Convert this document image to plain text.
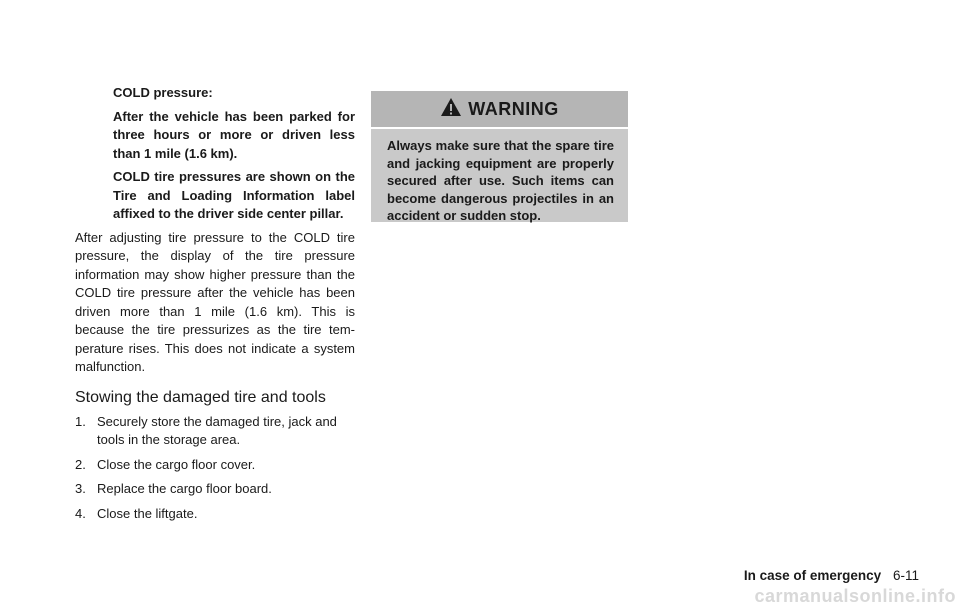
COLD pressure:

After the vehicle has been parked for three hours or more or driven less than 1 mile (1.6 km).

COLD tire pressures are shown on the Tire and Loading Information label affixed to the driver side center pillar.

After adjusting tire pressure to the COLD tire pressure, the display of the tire pressure information may show higher pressure than the COLD tire pressure after the vehicle has been driven more than 1 mile (1.6 km). This is because the tire pressurizes as the tire tem- perature rises. This does not indicate a system malfunction.

Stowing the damaged tire and tools
1. Securely store the damaged tire, jack and tools in the storage area.
2. Close the cargo floor cover.
3. Replace the cargo floor board.
4. Close the liftgate.
WARNING
Always make sure that the spare tire and jacking equipment are properly secured after use. Such items can become dangerous projectiles in an accident or sudden stop.
In case of emergency 6-11
carmanualsonline.info
